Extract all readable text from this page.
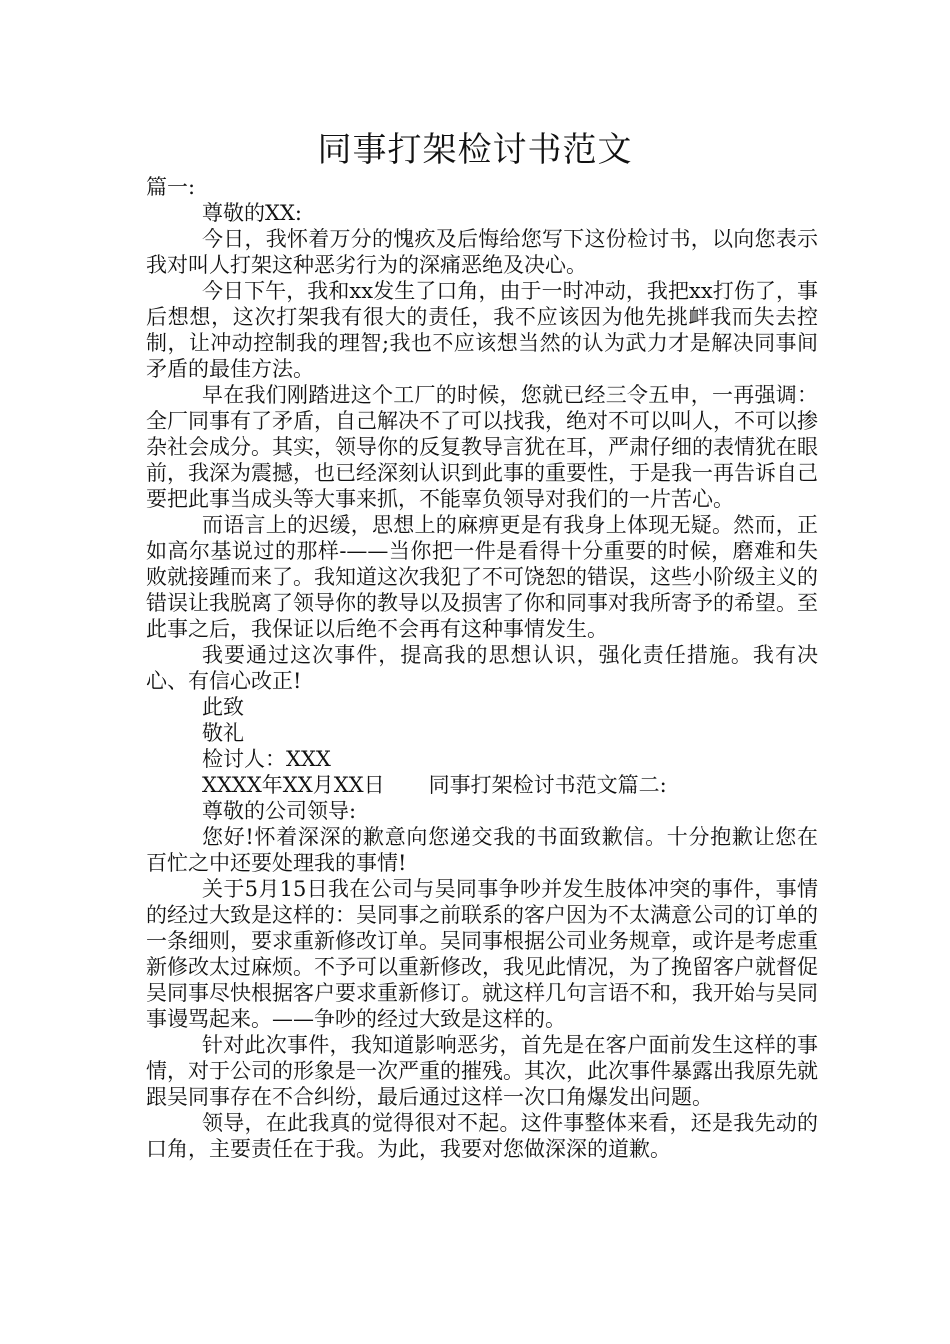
同事打架检讨书范文

篇一:

尊敬的XX:

今日，我怀着万分的愧疚及后悔给您写下这份检讨书，以向您表示我对叫人打架这种恶劣行为的深痛恶绝及决心。

今日下午，我和xx发生了口角，由于一时冲动，我把xx打伤了，事后想想，这次打架我有很大的责任，我不应该因为他先挑衅我而失去控制，让冲动控制我的理智;我也不应该想当然的认为武力才是解决同事间矛盾的最佳方法。

早在我们刚踏进这个工厂的时候，您就已经三令五申，一再强调：全厂同事有了矛盾，自己解决不了可以找我，绝对不可以叫人，不可以掺杂社会成分。其实，领导你的反复教导言犹在耳，严肃仔细的表情犹在眼前，我深为震撼，也已经深刻认识到此事的重要性，于是我一再告诉自己要把此事当成头等大事来抓，不能辜负领导对我们的一片苦心。

而语言上的迟缓，思想上的麻痹更是有我身上体现无疑。然而，正如高尔基说过的那样-——当你把一件是看得十分重要的时候，磨难和失败就接踵而来了。我知道这次我犯了不可饶恕的错误，这些小阶级主义的错误让我脱离了领导你的教导以及损害了你和同事对我所寄予的希望。至此事之后，我保证以后绝不会再有这种事情发生。

我要通过这次事件，提高我的思想认识，强化责任措施。我有决心、有信心改正!

此致

敬礼

检讨人：XXX

XXXX年XX月XX日 同事打架检讨书范文篇二:

尊敬的公司领导:

您好!怀着深深的歉意向您递交我的书面致歉信。十分抱歉让您在百忙之中还要处理我的事情!

关于5月15日我在公司与吴同事争吵并发生肢体冲突的事件，事情的经过大致是这样的：吴同事之前联系的客户因为不太满意公司的订单的一条细则，要求重新修改订单。吴同事根据公司业务规章，或许是考虑重新修改太过麻烦。不予可以重新修改，我见此情况，为了挽留客户就督促吴同事尽快根据客户要求重新修订。就这样几句言语不和，我开始与吴同事谩骂起来。——争吵的经过大致是这样的。

针对此次事件，我知道影响恶劣，首先是在客户面前发生这样的事情，对于公司的形象是一次严重的摧残。其次，此次事件暴露出我原先就跟吴同事存在不合纠纷，最后通过这样一次口角爆发出问题。

领导，在此我真的觉得很对不起。这件事整体来看，还是我先动的口角，主要责任在于我。为此，我要对您做深深的道歉。
